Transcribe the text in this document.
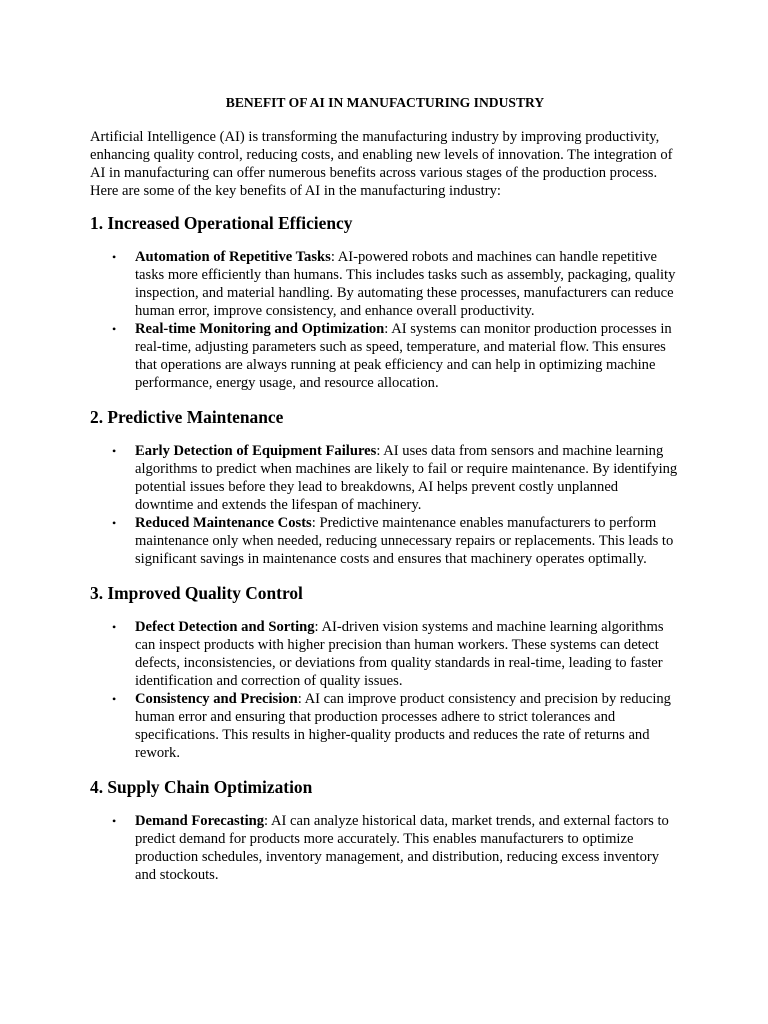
BENEFIT OF AI IN MANUFACTURING INDUSTRY

Artificial Intelligence (AI) is transforming the manufacturing industry by improving productivity, enhancing quality control, reducing costs, and enabling new levels of innovation. The integration of AI in manufacturing can offer numerous benefits across various stages of the production process. Here are some of the key benefits of AI in the manufacturing industry:

1. Increased Operational Efficiency
• Automation of Repetitive Tasks: AI-powered robots and machines can handle repetitive tasks more efficiently than humans. This includes tasks such as assembly, packaging, quality inspection, and material handling. By automating these processes, manufacturers can reduce human error, improve consistency, and enhance overall productivity.
• Real-time Monitoring and Optimization: AI systems can monitor production processes in real-time, adjusting parameters such as speed, temperature, and material flow. This ensures that operations are always running at peak efficiency and can help in optimizing machine performance, energy usage, and resource allocation.
2. Predictive Maintenance
• Early Detection of Equipment Failures: AI uses data from sensors and machine learning algorithms to predict when machines are likely to fail or require maintenance. By identifying potential issues before they lead to breakdowns, AI helps prevent costly unplanned downtime and extends the lifespan of machinery.
• Reduced Maintenance Costs: Predictive maintenance enables manufacturers to perform maintenance only when needed, reducing unnecessary repairs or replacements. This leads to significant savings in maintenance costs and ensures that machinery operates optimally.
3. Improved Quality Control
• Defect Detection and Sorting: AI-driven vision systems and machine learning algorithms can inspect products with higher precision than human workers. These systems can detect defects, inconsistencies, or deviations from quality standards in real-time, leading to faster identification and correction of quality issues.
• Consistency and Precision: AI can improve product consistency and precision by reducing human error and ensuring that production processes adhere to strict tolerances and specifications. This results in higher-quality products and reduces the rate of returns and rework.
4. Supply Chain Optimization
• Demand Forecasting: AI can analyze historical data, market trends, and external factors to predict demand for products more accurately. This enables manufacturers to optimize production schedules, inventory management, and distribution, reducing excess inventory and stockouts.
